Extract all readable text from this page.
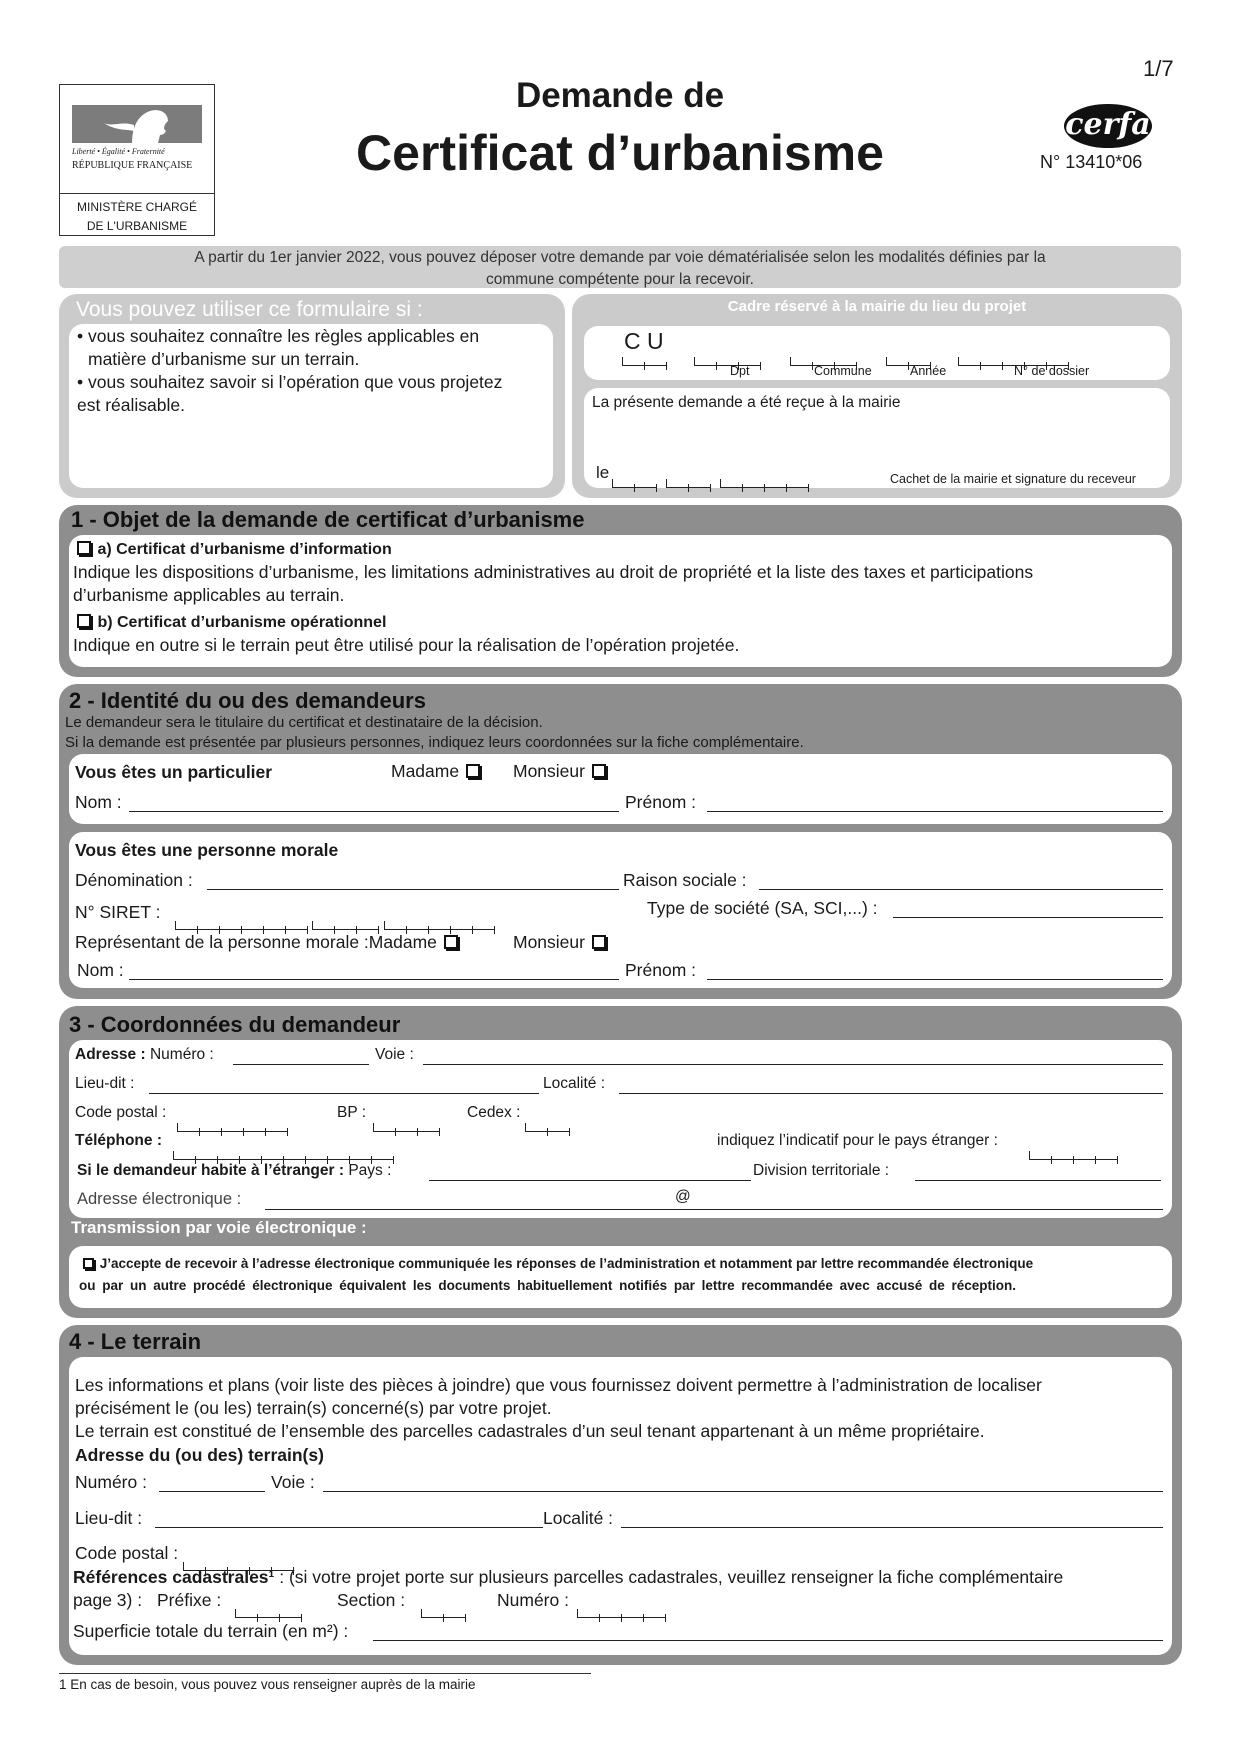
1/7
Liberté • Égalité • Fraternité
RÉPUBLIQUE FRANÇAISE
MINISTÈRE CHARGÉ
DE L'URBANISME
Demande de
Certificat d’urbanisme
cerfa
N° 13410*06
A partir du 1er janvier 2022, vous pouvez déposer votre demande par voie dématérialisée selon les modalités définies par la
commune compétente pour la recevoir.
Vous pouvez utiliser ce formulaire si :
• vous souhaitez connaître les règles applicables en
matière d’urbanisme sur un terrain.
• vous souhaitez savoir si l’opération que vous projetez
est réalisable.
Cadre réservé à la mairie du lieu du projet
C U
Dpt	Commune	Année	N° de dossier
La présente demande a été reçue à la mairie
le
	Cachet de la mairie et signature du receveur
1 - Objet de la demande de certificat d’urbanisme
a) Certificat d’urbanisme d’information
Indique les dispositions d’urbanisme, les limitations administratives au droit de propriété et la liste des taxes et participations
d’urbanisme applicables au terrain.
b) Certificat d’urbanisme opérationnel
Indique en outre si le terrain peut être utilisé pour la réalisation de l’opération projetée.
2 - Identité du ou des demandeurs
Le demandeur sera le titulaire du certificat et destinataire de la décision.
Si la demande est présentée par plusieurs personnes, indiquez leurs coordonnées sur la fiche complémentaire.
Vous êtes un particulier	Madame	Monsieur
Nom :	Prénom :
Vous êtes une personne morale
Dénomination :	Raison sociale :
N° SIRET :
	Type de société (SA, SCI,...) :
Représentant de la personne morale :Madame	Monsieur
Nom :	Prénom :
3 - Coordonnées du demandeur
Adresse : Numéro :	Voie :
Lieu-dit :	Localité :
Code postal :	BP :	Cedex :
Téléphone :	indiquez l’indicatif pour le pays étranger :
Si le demandeur habite à l’étranger : Pays :	Division territoriale :
Adresse électronique :	@
Transmission par voie électronique :
J’accepte de recevoir à l’adresse électronique communiquée les réponses de l’administration et notamment par lettre recommandée électronique
ou par un autre procédé électronique équivalent les documents habituellement notifiés par lettre recommandée avec accusé de réception.
4 - Le terrain
Les informations et plans (voir liste des pièces à joindre) que vous fournissez doivent permettre à l’administration de localiser
précisément le (ou les) terrain(s) concerné(s) par votre projet.
Le terrain est constitué de l’ensemble des parcelles cadastrales d’un seul tenant appartenant à un même propriétaire.
Adresse du (ou des) terrain(s)
Numéro :	Voie :
Lieu-dit :	Localité :
Code postal :
Références cadastrales¹ : (si votre projet porte sur plusieurs parcelles cadastrales, veuillez renseigner la fiche complémentaire
page 3) : Préfixe :	Section :	Numéro :
Superficie totale du terrain (en m²) :
1 En cas de besoin, vous pouvez vous renseigner auprès de la mairie
